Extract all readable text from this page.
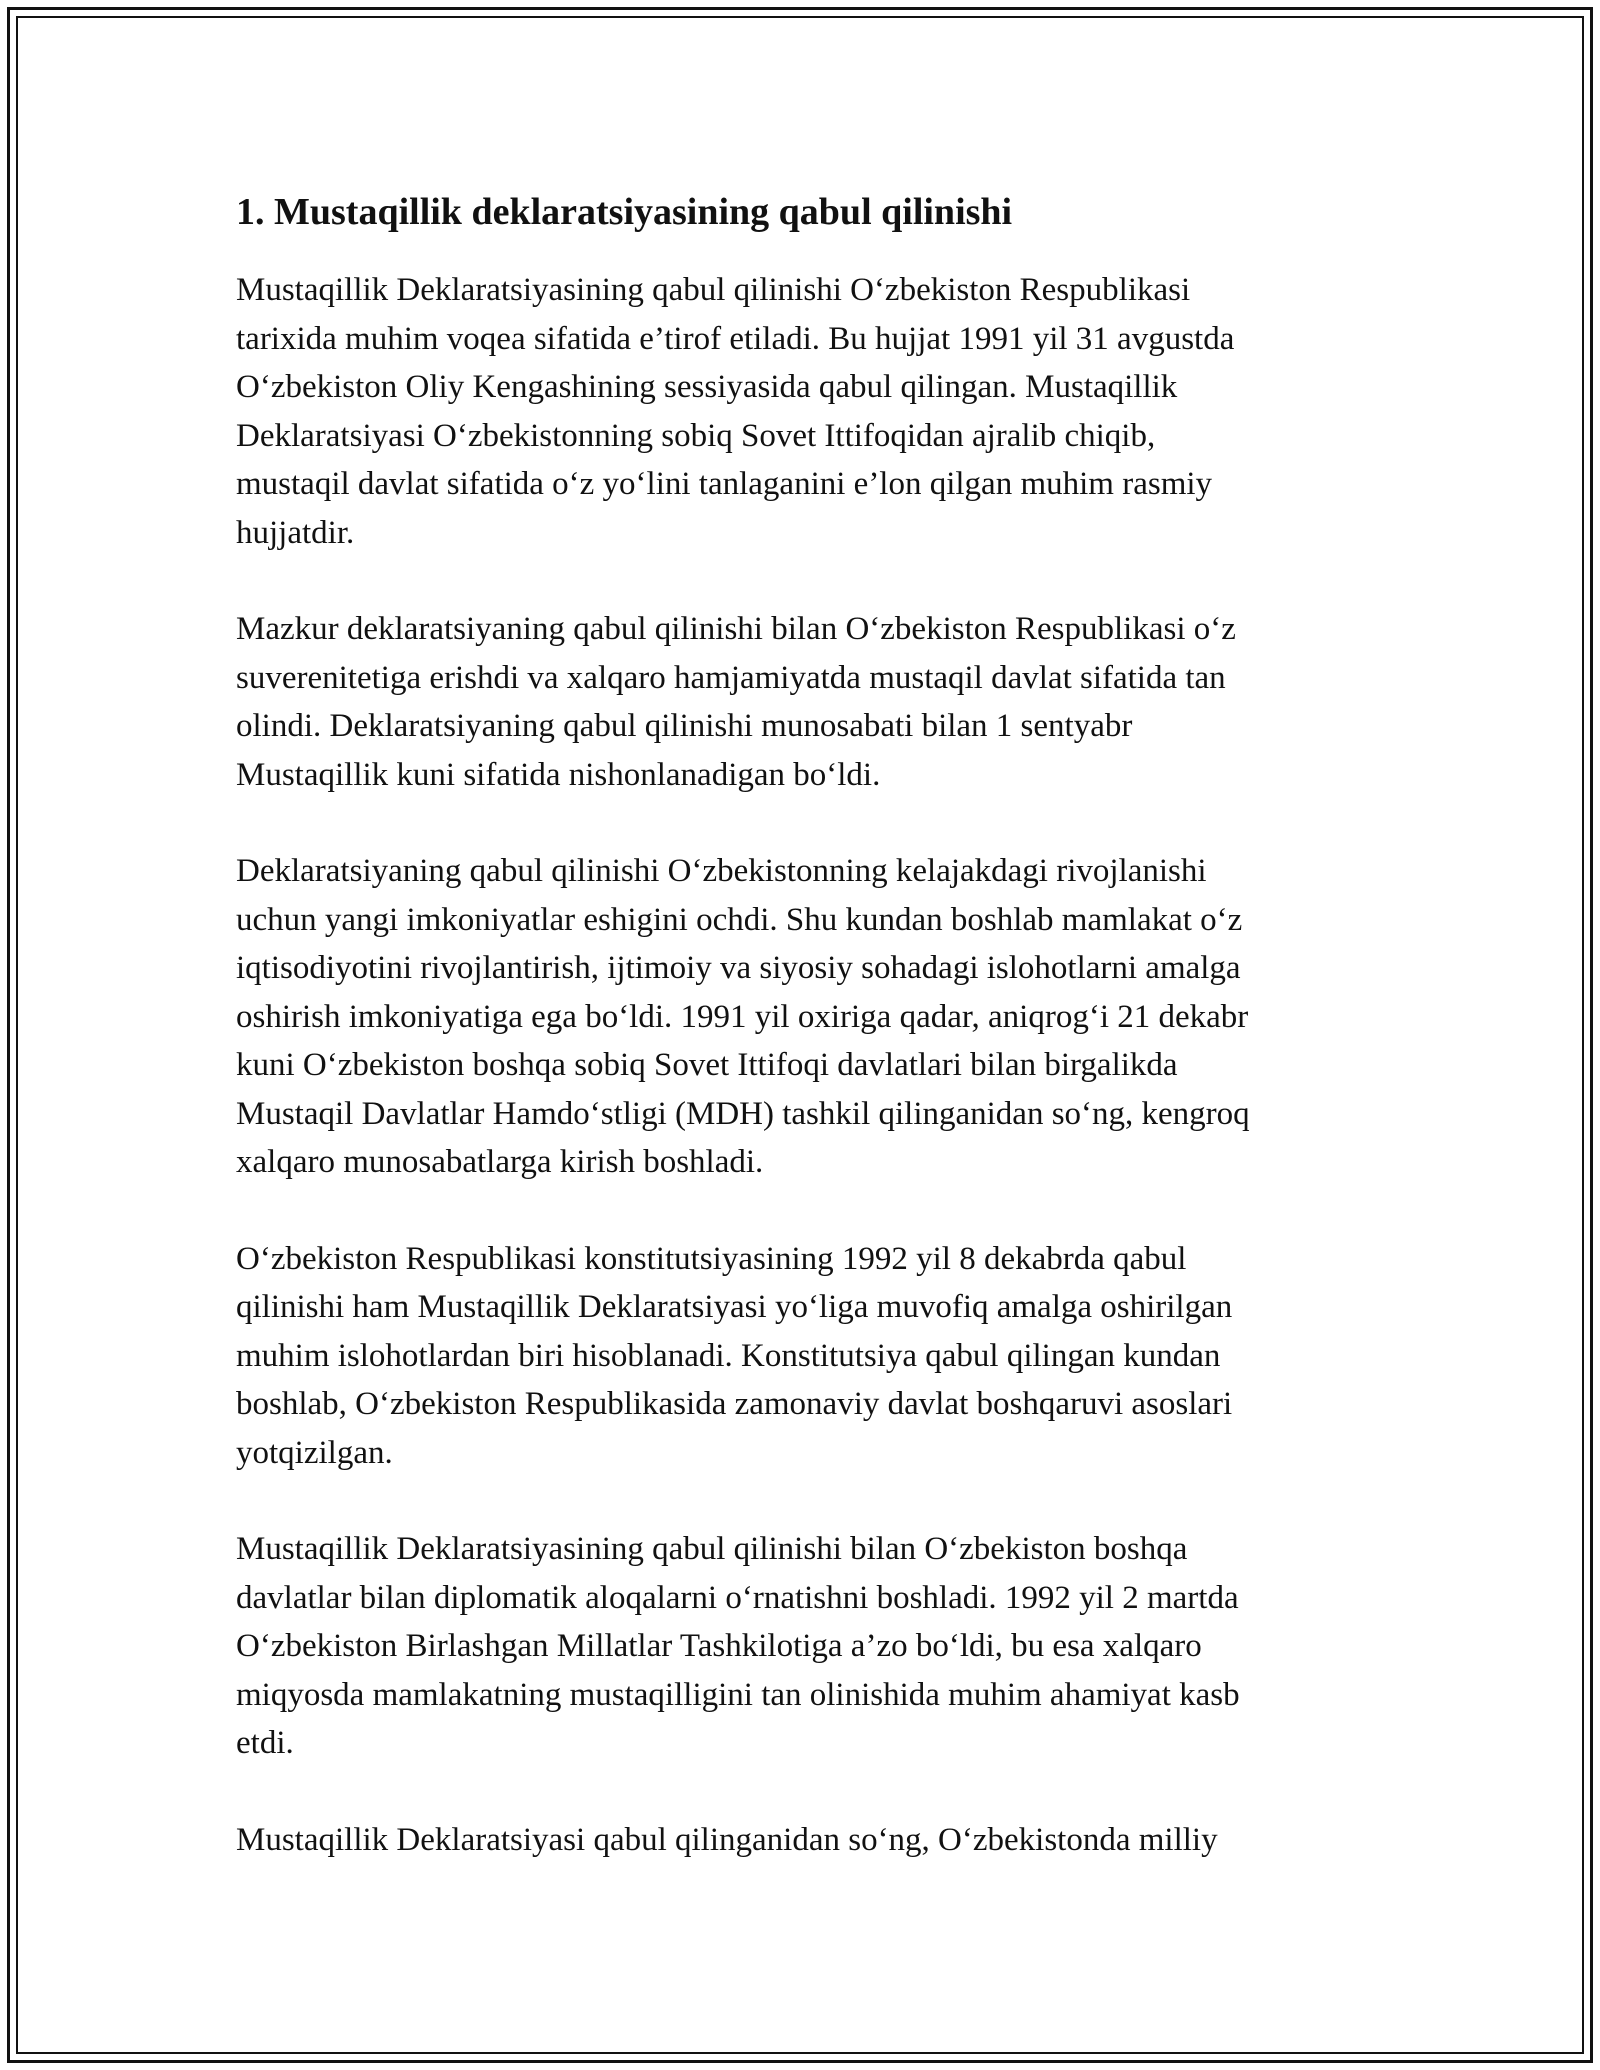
1. Mustaqillik deklaratsiyasining qabul qilinishi
Mustaqillik Deklaratsiyasining qabul qilinishi O‘zbekiston Respublikasi
tarixida muhim voqea sifatida e’tirof etiladi. Bu hujjat 1991 yil 31 avgustda
O‘zbekiston Oliy Kengashining sessiyasida qabul qilingan. Mustaqillik
Deklaratsiyasi O‘zbekistonning sobiq Sovet Ittifoqidan ajralib chiqib,
mustaqil davlat sifatida o‘z yo‘lini tanlaganini e’lon qilgan muhim rasmiy
hujjatdir.
Mazkur deklaratsiyaning qabul qilinishi bilan O‘zbekiston Respublikasi o‘z
suverenitetiga erishdi va xalqaro hamjamiyatda mustaqil davlat sifatida tan
olindi. Deklaratsiyaning qabul qilinishi munosabati bilan 1 sentyabr
Mustaqillik kuni sifatida nishonlanadigan bo‘ldi.
Deklaratsiyaning qabul qilinishi O‘zbekistonning kelajakdagi rivojlanishi
uchun yangi imkoniyatlar eshigini ochdi. Shu kundan boshlab mamlakat o‘z
iqtisodiyotini rivojlantirish, ijtimoiy va siyosiy sohadagi islohotlarni amalga
oshirish imkoniyatiga ega bo‘ldi. 1991 yil oxiriga qadar, aniqrog‘i 21 dekabr
kuni O‘zbekiston boshqa sobiq Sovet Ittifoqi davlatlari bilan birgalikda
Mustaqil Davlatlar Hamdo‘stligi (MDH) tashkil qilinganidan so‘ng, kengroq
xalqaro munosabatlarga kirish boshladi.
O‘zbekiston Respublikasi konstitutsiyasining 1992 yil 8 dekabrda qabul
qilinishi ham Mustaqillik Deklaratsiyasi yo‘liga muvofiq amalga oshirilgan
muhim islohotlardan biri hisoblanadi. Konstitutsiya qabul qilingan kundan
boshlab, O‘zbekiston Respublikasida zamonaviy davlat boshqaruvi asoslari
yotqizilgan.
Mustaqillik Deklaratsiyasining qabul qilinishi bilan O‘zbekiston boshqa
davlatlar bilan diplomatik aloqalarni o‘rnatishni boshladi. 1992 yil 2 martda
O‘zbekiston Birlashgan Millatlar Tashkilotiga a’zo bo‘ldi, bu esa xalqaro
miqyosda mamlakatning mustaqilligini tan olinishida muhim ahamiyat kasb
etdi.
Mustaqillik Deklaratsiyasi qabul qilinganidan so‘ng, O‘zbekistonda milliy
